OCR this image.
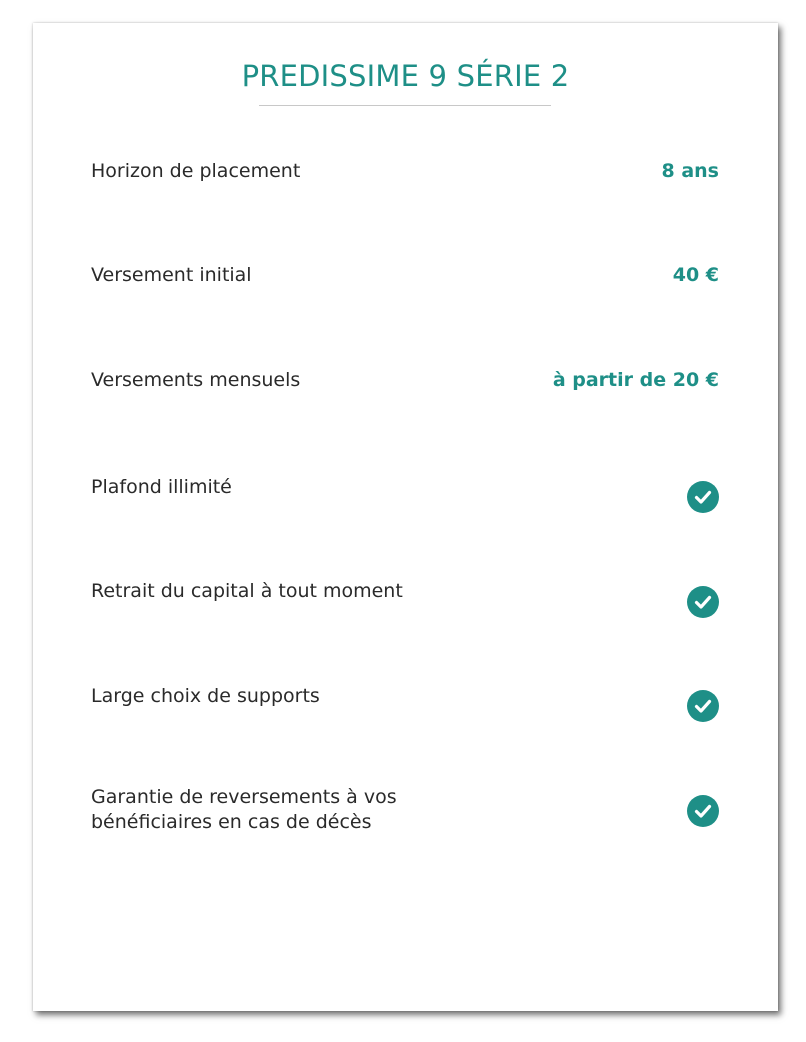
PREDISSIME 9 SÉRIE 2
Horizon de placement	8 ans
Versement initial	40 €
Versements mensuels	à partir de 20 €
Plafond illimité
Retrait du capital à tout moment
Large choix de supports
Garantie de reversements à vos
bénéficiaires en cas de décès
